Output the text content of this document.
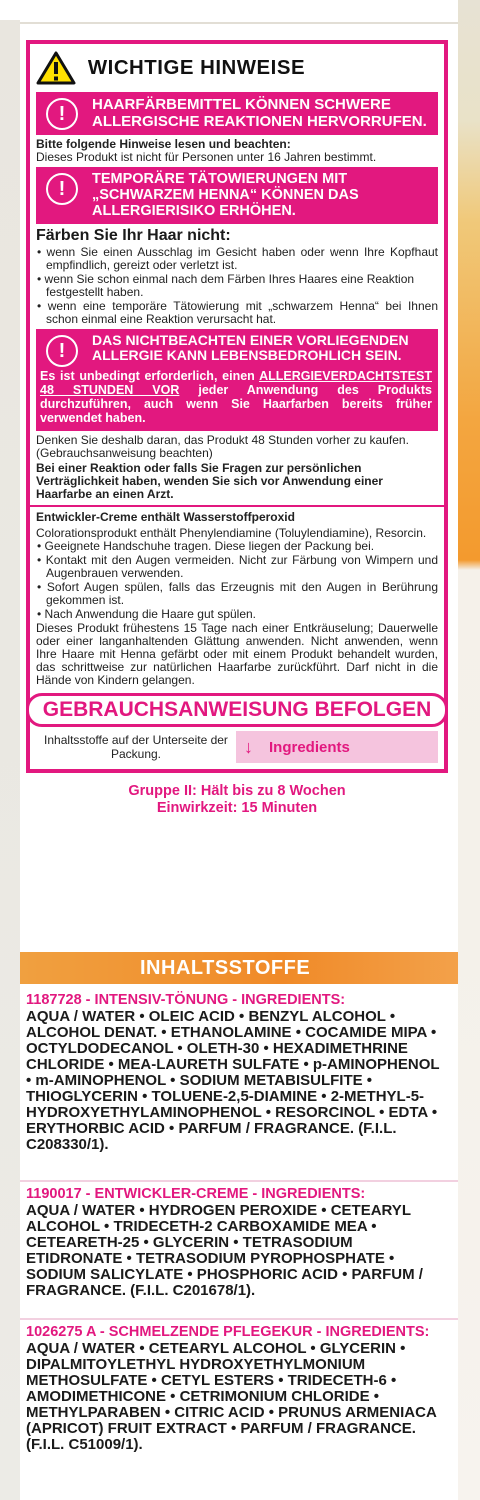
WICHTIGE HINWEISE
!	HAARFÄRBEMITTEL KÖNNEN SCHWERE ALLERGISCHE REAKTIONEN HERVORRUFEN.
Bitte folgende Hinweise lesen und beachten:
Dieses Produkt ist nicht für Personen unter 16 Jahren bestimmt.
!	TEMPORÄRE TÄTOWIERUNGEN MIT „SCHWARZEM HENNA“ KÖNNEN DAS ALLERGIERISIKO ERHÖHEN.
Färben Sie Ihr Haar nicht:
• wenn Sie einen Ausschlag im Gesicht haben oder wenn Ihre Kopfhaut empfindlich, gereizt oder verletzt ist.
• wenn Sie schon einmal nach dem Färben Ihres Haares eine Reaktion festgestellt haben.
• wenn eine temporäre Tätowierung mit „schwarzem Henna“ bei Ihnen schon einmal eine Reaktion verursacht hat.
!	DAS NICHTBEACHTEN EINER VORLIEGENDEN ALLERGIE KANN LEBENSBEDROHLICH SEIN.
Es ist unbedingt erforderlich, einen ALLERGIEVERDACHTSTEST 48 STUNDEN VOR jeder Anwendung des Produkts durchzuführen, auch wenn Sie Haarfarben bereits früher verwendet haben.
Denken Sie deshalb daran, das Produkt 48 Stunden vorher zu kaufen. (Gebrauchsanweisung beachten)
Bei einer Reaktion oder falls Sie Fragen zur persönlichen Verträglichkeit haben, wenden Sie sich vor Anwendung einer Haarfarbe an einen Arzt.
Entwickler-Creme enthält Wasserstoffperoxid
Colorationsprodukt enthält Phenylendiamine (Toluylendiamine), Resorcin.
• Geeignete Handschuhe tragen. Diese liegen der Packung bei.
• Kontakt mit den Augen vermeiden. Nicht zur Färbung von Wimpern und Augenbrauen verwenden.
• Sofort Augen spülen, falls das Erzeugnis mit den Augen in Berührung gekommen ist.
• Nach Anwendung die Haare gut spülen.
Dieses Produkt frühestens 15 Tage nach einer Entkräuselung; Dauerwelle oder einer langanhaltenden Glättung anwenden. Nicht anwenden, wenn Ihre Haare mit Henna gefärbt oder mit einem Produkt behandelt wurden, das schrittweise zur natürlichen Haarfarbe zurückführt. Darf nicht in die Hände von Kindern gelangen.
GEBRAUCHSANWEISUNG BEFOLGEN
Inhaltsstoffe auf der Unterseite der Packung.	↓ Ingredients
Gruppe II: Hält bis zu 8 Wochen
Einwirkzeit: 15 Minuten
INHALTSSTOFFE
1187728 - INTENSIV-TÖNUNG - INGREDIENTS:
AQUA / WATER • OLEIC ACID • BENZYL ALCOHOL • ALCOHOL DENAT. • ETHANOLAMINE • COCAMIDE MIPA • OCTYLDODECANOL • OLETH-30 • HEXADIMETHRINE CHLORIDE • MEA-LAURETH SULFATE • p-AMINOPHENOL • m-AMINOPHENOL • SODIUM METABISULFITE • THIOGLYCERIN • TOLUENE-2,5-DIAMINE • 2-METHYL-5-HYDROXYETHYLAMINOPHENOL • RESORCINOL • EDTA • ERYTHORBIC ACID • PARFUM / FRAGRANCE. (F.I.L. C208330/1).
1190017 - ENTWICKLER-CREME - INGREDIENTS:
AQUA / WATER • HYDROGEN PEROXIDE • CETEARYL ALCOHOL • TRIDECETH-2 CARBOXAMIDE MEA • CETEARETH-25 • GLYCERIN • TETRASODIUM ETIDRONATE • TETRASODIUM PYROPHOSPHATE • SODIUM SALICYLATE • PHOSPHORIC ACID • PARFUM / FRAGRANCE. (F.I.L. C201678/1).
1026275 A - SCHMELZENDE PFLEGEKUR - INGREDIENTS:
AQUA / WATER • CETEARYL ALCOHOL • GLYCERIN • DIPALMITOYLETHYL HYDROXYETHYLMONIUM METHOSULFATE • CETYL ESTERS • TRIDECETH-6 • AMODIMETHICONE • CETRIMONIUM CHLORIDE • METHYLPARABEN • CITRIC ACID • PRUNUS ARMENIACA (APRICOT) FRUIT EXTRACT • PARFUM / FRAGRANCE. (F.I.L. C51009/1).
